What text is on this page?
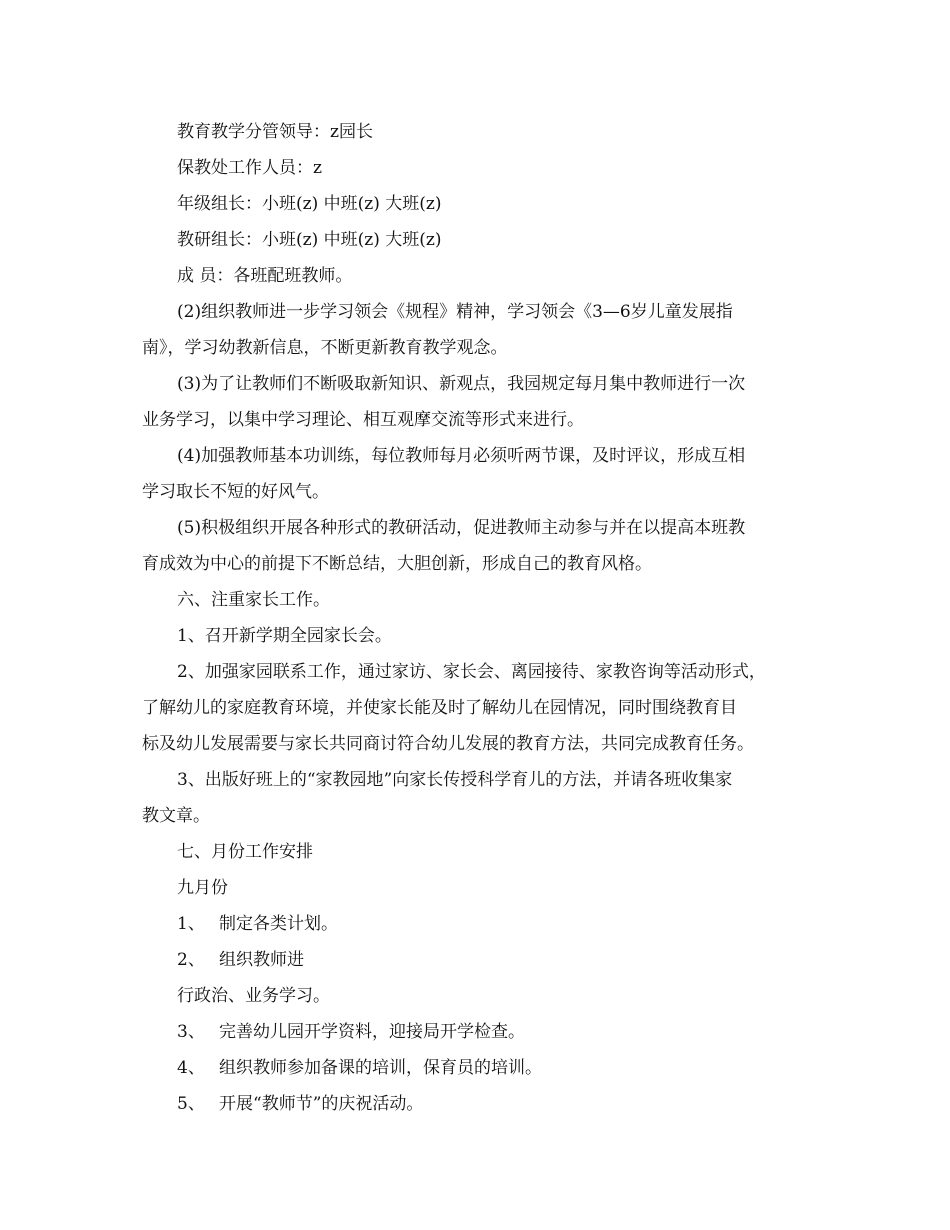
教育教学分管领导：z园长
保教处工作人员：z
年级组长：小班(z) 中班(z) 大班(z)
教研组长：小班(z) 中班(z) 大班(z)
成 员：各班配班教师。
(2)组织教师进一步学习领会《规程》精神，学习领会《3—6岁儿童发展指
南》，学习幼教新信息，不断更新教育教学观念。
(3)为了让教师们不断吸取新知识、新观点，我园规定每月集中教师进行一次
业务学习，以集中学习理论、相互观摩交流等形式来进行。
(4)加强教师基本功训练，每位教师每月必须听两节课，及时评议，形成互相
学习取长不短的好风气。
(5)积极组织开展各种形式的教研活动，促进教师主动参与并在以提高本班教
育成效为中心的前提下不断总结，大胆创新，形成自己的教育风格。
六、注重家长工作。
1、召开新学期全园家长会。
2、加强家园联系工作，通过家访、家长会、离园接待、家教咨询等活动形式，
了解幼儿的家庭教育环境，并使家长能及时了解幼儿在园情况，同时围绕教育目
标及幼儿发展需要与家长共同商讨符合幼儿发展的教育方法，共同完成教育任务。
3、出版好班上的“家教园地”向家长传授科学育儿的方法，并请各班收集家
教文章。
七、月份工作安排
九月份
1、 制定各类计划。
2、 组织教师进
行政治、业务学习。
3、 完善幼儿园开学资料，迎接局开学检查。
4、 组织教师参加备课的培训，保育员的培训。
5、 开展“教师节”的庆祝活动。
